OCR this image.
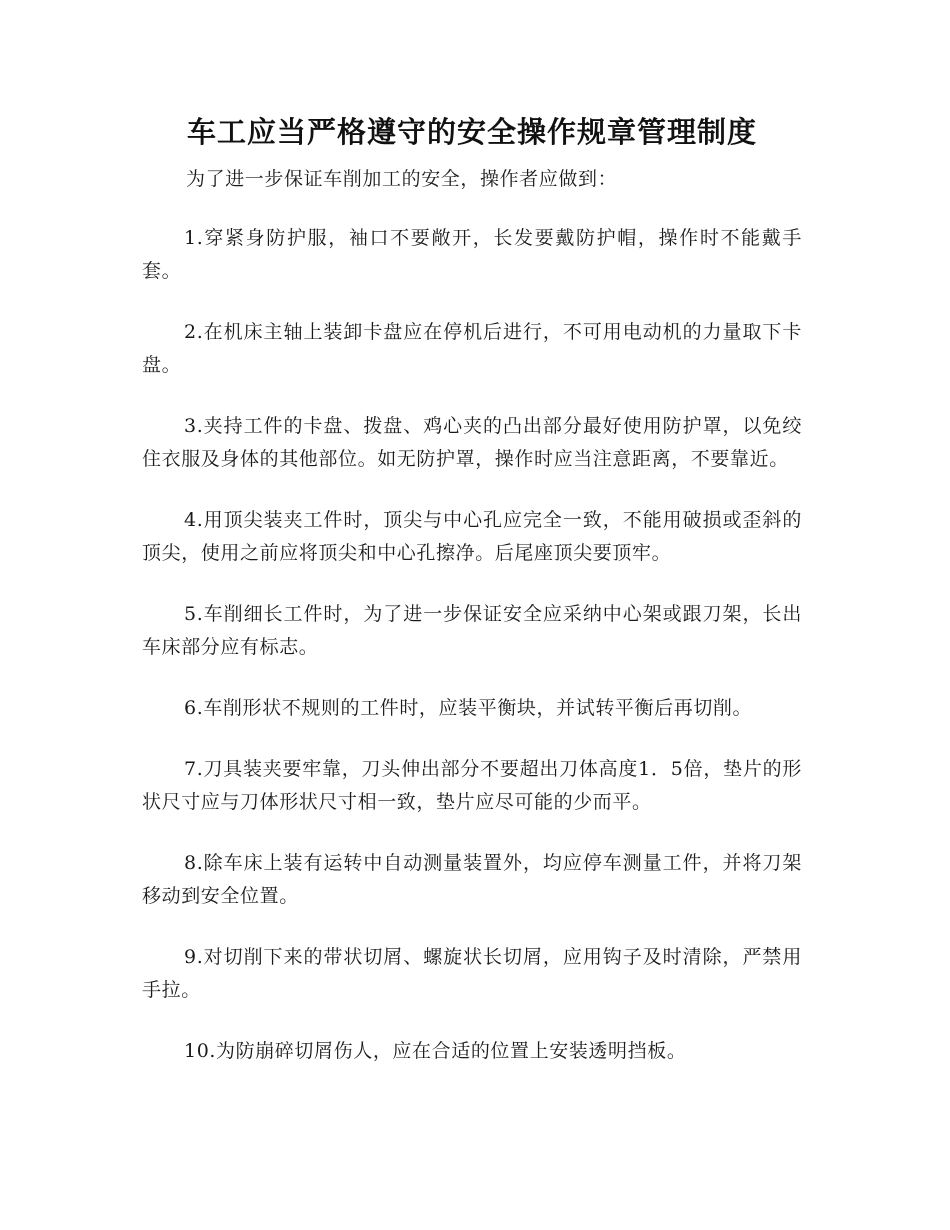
车工应当严格遵守的安全操作规章管理制度

为了进一步保证车削加工的安全，操作者应做到：

1.穿紧身防护服，袖口不要敞开，长发要戴防护帽，操作时不能戴手套。

2.在机床主轴上装卸卡盘应在停机后进行，不可用电动机的力量取下卡盘。

3.夹持工件的卡盘、拨盘、鸡心夹的凸出部分最好使用防护罩，以免绞住衣服及身体的其他部位。如无防护罩，操作时应当注意距离，不要靠近。

4.用顶尖装夹工件时，顶尖与中心孔应完全一致，不能用破损或歪斜的顶尖，使用之前应将顶尖和中心孔擦净。后尾座顶尖要顶牢。

5.车削细长工件时，为了进一步保证安全应采纳中心架或跟刀架，长出车床部分应有标志。

6.车削形状不规则的工件时，应装平衡块，并试转平衡后再切削。

7.刀具装夹要牢靠，刀头伸出部分不要超出刀体高度1．5倍，垫片的形状尺寸应与刀体形状尺寸相一致，垫片应尽可能的少而平。

8.除车床上装有运转中自动测量装置外，均应停车测量工件，并将刀架移动到安全位置。

9.对切削下来的带状切屑、螺旋状长切屑，应用钩子及时清除，严禁用手拉。

10.为防崩碎切屑伤人，应在合适的位置上安装透明挡板。
